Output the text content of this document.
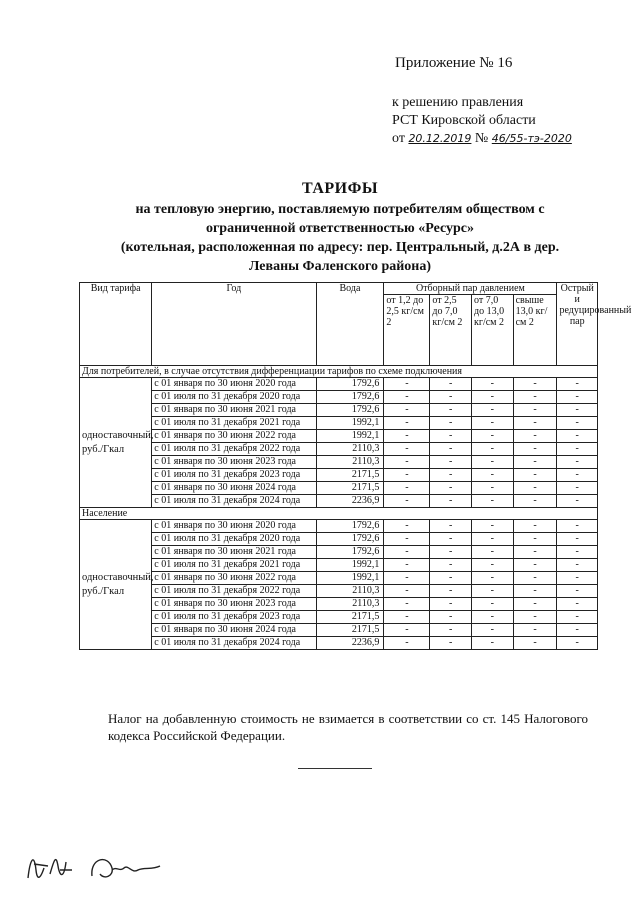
Приложение № 16
к решению правления
РСТ Кировской области
от 20.12.2019 № 46/55-тэ-2020
ТАРИФЫ
на тепловую энергию, поставляемую потребителям обществом с
ограниченной ответственностью «Ресурс»
(котельная, расположенная по адресу: пер. Центральный, д.2А в дер.
Леваны Фаленского района)
Вид тарифа	Год	Вода	Отборный пар давлением				Острый и редуцированный пар
			от 1,2 до 2,5 кг/см 2	от 2,5 до 7,0 кг/см 2	от 7,0 до 13,0 кг/см 2	свыше 13,0 кг/см 2	
Для потребителей, в случае отсутствия дифференциации тарифов по схеме подключения							
одноставочный, руб./Гкал	с 01 января по 30 июня 2020 года	1792,6	-	-	-	-	-
	с 01 июля по 31 декабря 2020 года	1792,6	-	-	-	-	-
	с 01 января по 30 июня 2021 года	1792,6	-	-	-	-	-
	с 01 июля по 31 декабря 2021 года	1992,1	-	-	-	-	-
	с 01 января по 30 июня 2022 года	1992,1	-	-	-	-	-
	с 01 июля по 31 декабря 2022 года	2110,3	-	-	-	-	-
	с 01 января по 30 июня 2023 года	2110,3	-	-	-	-	-
	с 01 июля по 31 декабря 2023 года	2171,5	-	-	-	-	-
	с 01 января по 30 июня 2024 года	2171,5	-	-	-	-	-
	с 01 июля по 31 декабря 2024 года	2236,9	-	-	-	-	-
Население							
одноставочный, руб./Гкал	с 01 января по 30 июня 2020 года	1792,6	-	-	-	-	-
	с 01 июля по 31 декабря 2020 года	1792,6	-	-	-	-	-
	с 01 января по 30 июня 2021 года	1792,6	-	-	-	-	-
	с 01 июля по 31 декабря 2021 года	1992,1	-	-	-	-	-
	с 01 января по 30 июня 2022 года	1992,1	-	-	-	-	-
	с 01 июля по 31 декабря 2022 года	2110,3	-	-	-	-	-
	с 01 января по 30 июня 2023 года	2110,3	-	-	-	-	-
	с 01 июля по 31 декабря 2023 года	2171,5	-	-	-	-	-
	с 01 января по 30 июня 2024 года	2171,5	-	-	-	-	-
	с 01 июля по 31 декабря 2024 года	2236,9	-	-	-	-	-
Налог на добавленную стоимость не взимается в соответствии со ст. 145 Налогового кодекса Российской Федерации.
